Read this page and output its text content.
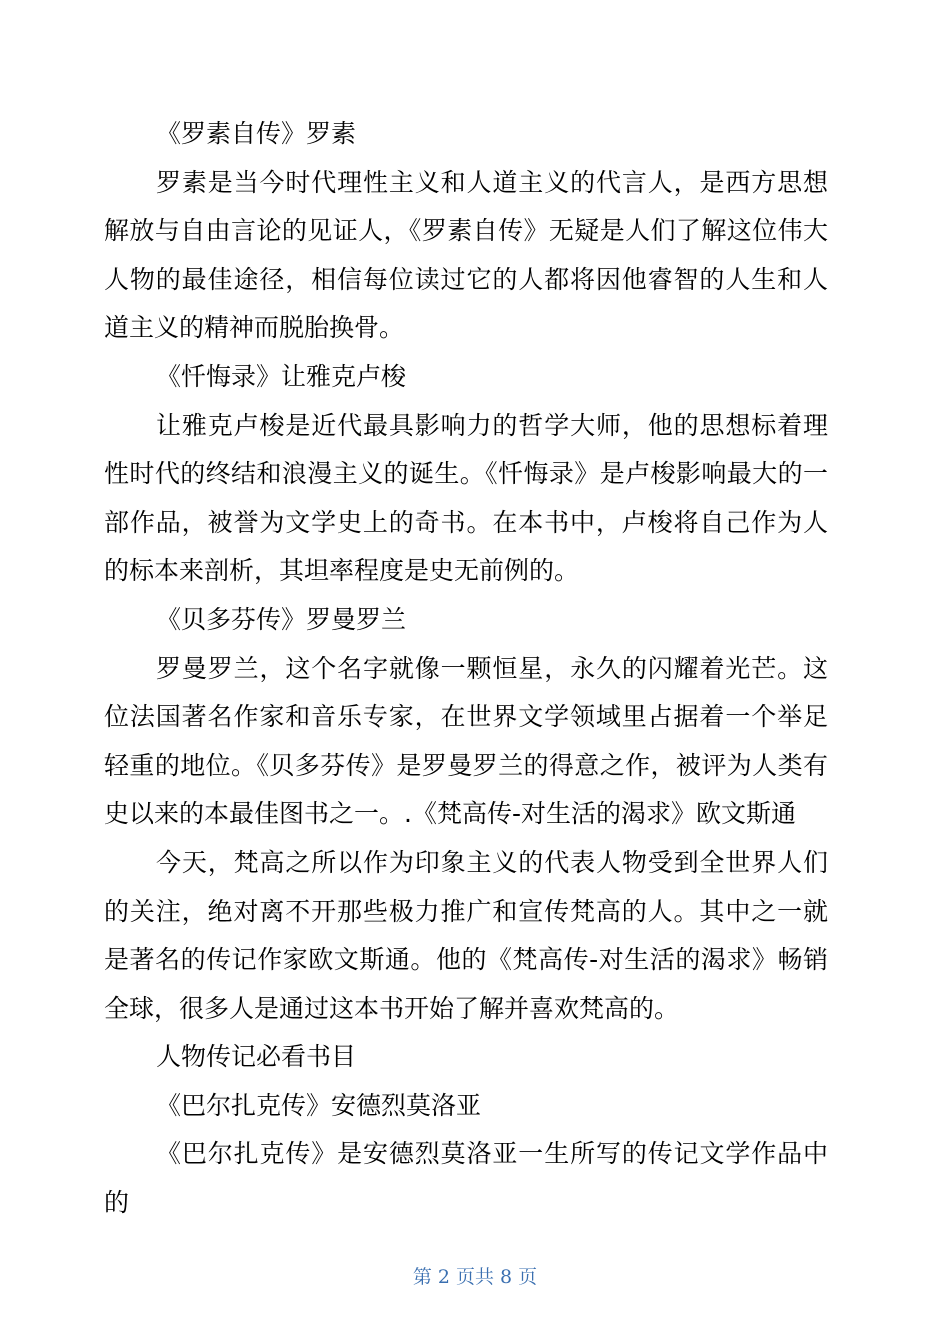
《罗素自传》罗素

罗素是当今时代理性主义和人道主义的代言人，是西方思想解放与自由言论的见证人，《罗素自传》无疑是人们了解这位伟大人物的最佳途径，相信每位读过它的人都将因他睿智的人生和人道主义的精神而脱胎换骨。

《忏悔录》让雅克卢梭

让雅克卢梭是近代最具影响力的哲学大师，他的思想标着理性时代的终结和浪漫主义的诞生。《忏悔录》是卢梭影响最大的一部作品，被誉为文学史上的奇书。在本书中，卢梭将自己作为人的标本来剖析，其坦率程度是史无前例的。

《贝多芬传》罗曼罗兰

罗曼罗兰，这个名字就像一颗恒星，永久的闪耀着光芒。这位法国著名作家和音乐专家，在世界文学领域里占据着一个举足轻重的地位。《贝多芬传》是罗曼罗兰的得意之作，被评为人类有史以来的本最佳图书之一。.《梵高传-对生活的渴求》欧文斯通

今天，梵高之所以作为印象主义的代表人物受到全世界人们的关注，绝对离不开那些极力推广和宣传梵高的人。其中之一就是著名的传记作家欧文斯通。他的《梵高传-对生活的渴求》畅销全球，很多人是通过这本书开始了解并喜欢梵高的。

人物传记必看书目

《巴尔扎克传》安德烈莫洛亚

《巴尔扎克传》是安德烈莫洛亚一生所写的传记文学作品中的

第 2 页共 8 页
